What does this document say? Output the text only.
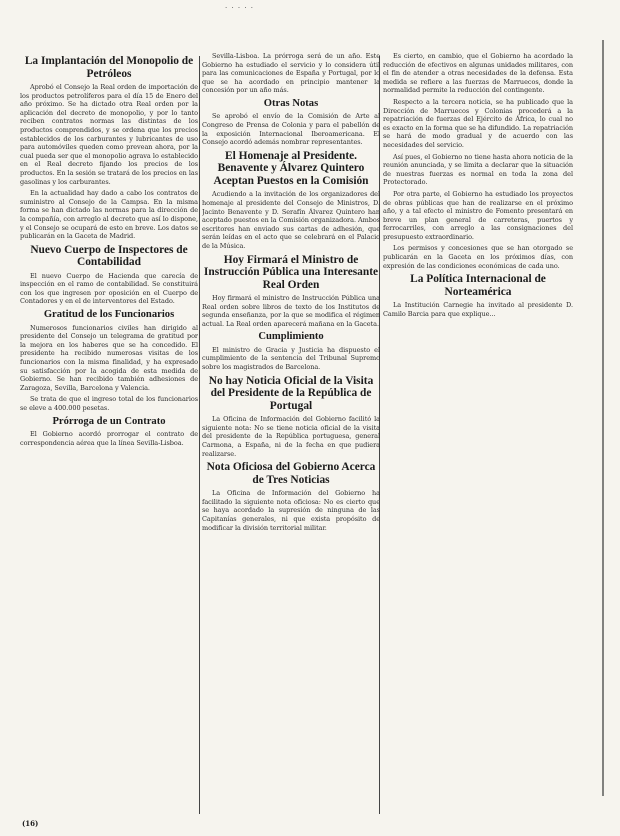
· · · · ·
La Implantación del Monopolio de Petróleos

Aprobó el Consejo la Real orden de importación de los productos petrolíferos para el día 15 de Enero del año próximo. Se ha dictado otra Real orden por la aplicación del decreto de monopolio, y por lo tanto reciben contratos normas las distintas de los productos comprendidos, y se ordena que los precios establecidos de los carburantes y lubricantes de uso para automóviles queden como prevean ahora, por la cual pueda ser que el monopolio agrava lo establecido en el Real decreto fijando los precios de los productos. En la sesión se tratará de los precios en las gasolinas y los carburantes.

En la actualidad hay dado a cabo los contratos de suministro al Consejo de la Campsa. En la misma forma se han dictado las normas para la dirección de la compañía, con arreglo al decreto que así lo dispone, y el Consejo se ocupará de esto en breve. Los datos se publicarán en la Gaceta de Madrid.

Nuevo Cuerpo de Inspectores de Contabilidad

El nuevo Cuerpo de Hacienda que carecía de inspección en el ramo de contabilidad. Se constituirá con los que ingresen por oposición en el Cuerpo de Contadores y en el de interventores del Estado.

Gratitud de los Funcionarios

Numerosos funcionarios civiles han dirigido al presidente del Consejo un telegrama de gratitud por la mejora en los haberes que se ha concedido. El presidente ha recibido numerosas visitas de los funcionarios con la misma finalidad, y ha expresado su satisfacción por la acogida de esta medida de Gobierno. Se han recibido también adhesiones de Zaragoza, Sevilla, Barcelona y Valencia.

Se trata de que el ingreso total de los funcionarios se eleve a 400.000 pesetas.

Prórroga de un Contrato

El Gobierno acordó prorrogar el contrato de correspondencia aérea que la línea Sevilla-Lisboa.

Sevilla-Lisboa. La prórroga será de un año. Este Gobierno ha estudiado el servicio y lo considera útil para las comunicaciones de España y Portugal, por lo que se ha acordado en principio mantener la concesión por un año más.

Otras Notas

Se aprobó el envío de la Comisión de Arte al Congreso de Prensa de Colonia y para el pabellón de la exposición Internacional Iberoamericana. El Consejo acordó además nombrar representantes.

El Homenaje al Presidente. Benavente y Álvarez Quintero Aceptan Puestos en la Comisión

Acudiendo a la invitación de los organizadores del homenaje al presidente del Consejo de Ministros, D. Jacinto Benavente y D. Serafín Álvarez Quintero han aceptado puestos en la Comisión organizadora. Ambos escritores han enviado sus cartas de adhesión, que serán leídas en el acto que se celebrará en el Palacio de la Música.

Hoy Firmará el Ministro de Instrucción Pública una Interesante Real Orden

Hoy firmará el ministro de Instrucción Pública una Real orden sobre libros de texto de los Institutos de segunda enseñanza, por la que se modifica el régimen actual. La Real orden aparecerá mañana en la Gaceta.

Cumplimiento

El ministro de Gracia y Justicia ha dispuesto el cumplimiento de la sentencia del Tribunal Supremo sobre los magistrados de Barcelona.

No hay Noticia Oficial de la Visita del Presidente de la República de Portugal

La Oficina de Información del Gobierno facilitó la siguiente nota: No se tiene noticia oficial de la visita del presidente de la República portuguesa, general Carmona, a España, ni de la fecha en que pudiera realizarse.

Nota Oficiosa del Gobierno Acerca de Tres Noticias

La Oficina de Información del Gobierno ha facilitado la siguiente nota oficiosa: No es cierto que se haya acordado la supresión de ninguna de las Capitanías generales, ni que exista propósito de modificar la división territorial militar.

Es cierto, en cambio, que el Gobierno ha acordado la reducción de efectivos en algunas unidades militares, con el fin de atender a otras necesidades de la defensa. Esta medida se refiere a las fuerzas de Marruecos, donde la normalidad permite la reducción del contingente.

Respecto a la tercera noticia, se ha publicado que la Dirección de Marruecos y Colonias procederá a la repatriación de fuerzas del Ejército de África, lo cual no es exacto en la forma que se ha difundido. La repatriación se hará de modo gradual y de acuerdo con las necesidades del servicio.

Así pues, el Gobierno no tiene hasta ahora noticia de la reunión anunciada, y se limita a declarar que la situación de nuestras fuerzas es normal en toda la zona del Protectorado.

Por otra parte, el Gobierno ha estudiado los proyectos de obras públicas que han de realizarse en el próximo año, y a tal efecto el ministro de Fomento presentará en breve un plan general de carreteras, puertos y ferrocarriles, con arreglo a las consignaciones del presupuesto extraordinario.

Los permisos y concesiones que se han otorgado se publicarán en la Gaceta en los próximos días, con expresión de las condiciones económicas de cada uno.

La Política Internacional de Norteamérica

La Institución Carnegie ha invitado al presidente D. Camilo Barcia para que explique...

(16)
